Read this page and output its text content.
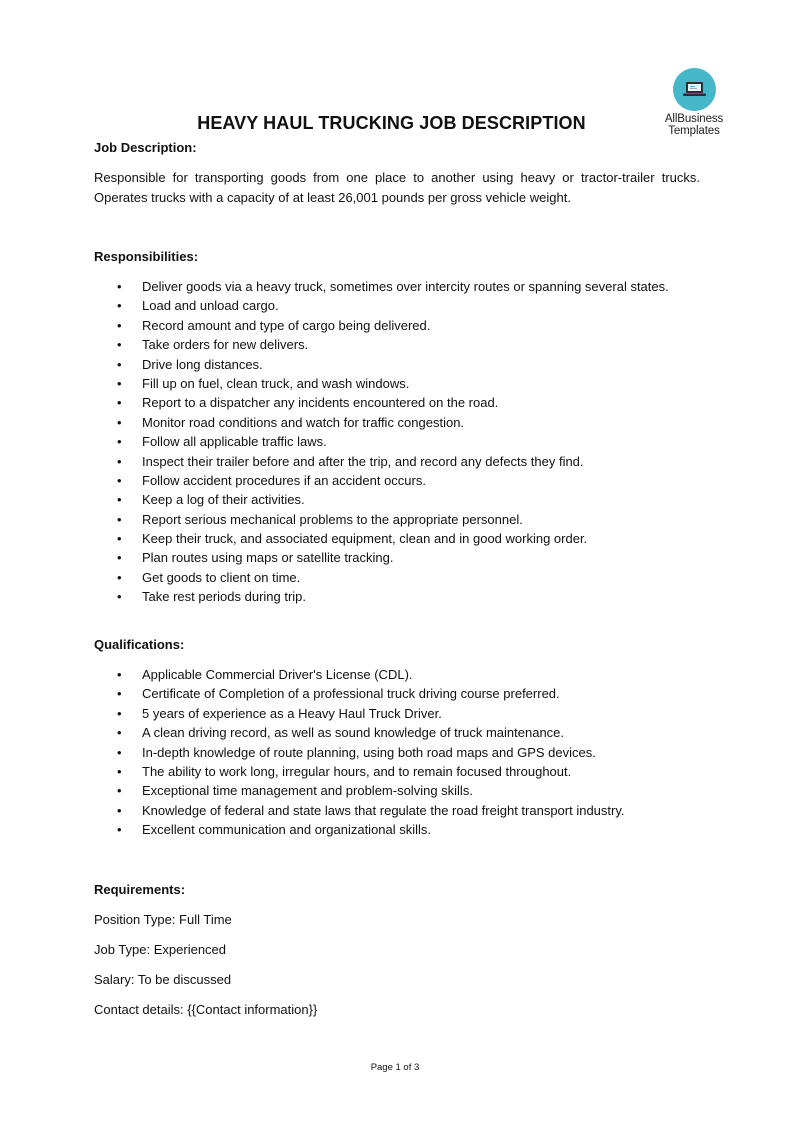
AllBusiness
Templates
HEAVY HAUL TRUCKING JOB DESCRIPTION
Job Description:
Responsible for transporting goods from one place to another using heavy or tractor-trailer trucks.
Operates trucks with a capacity of at least 26,001 pounds per gross vehicle weight.
Responsibilities:
• Deliver goods via a heavy truck, sometimes over intercity routes or spanning several states.
• Load and unload cargo.
• Record amount and type of cargo being delivered.
• Take orders for new delivers.
• Drive long distances.
• Fill up on fuel, clean truck, and wash windows.
• Report to a dispatcher any incidents encountered on the road.
• Monitor road conditions and watch for traffic congestion.
• Follow all applicable traffic laws.
• Inspect their trailer before and after the trip, and record any defects they find.
• Follow accident procedures if an accident occurs.
• Keep a log of their activities.
• Report serious mechanical problems to the appropriate personnel.
• Keep their truck, and associated equipment, clean and in good working order.
• Plan routes using maps or satellite tracking.
• Get goods to client on time.
• Take rest periods during trip.
Qualifications:
• Applicable Commercial Driver's License (CDL).
• Certificate of Completion of a professional truck driving course preferred.
• 5 years of experience as a Heavy Haul Truck Driver.
• A clean driving record, as well as sound knowledge of truck maintenance.
• In-depth knowledge of route planning, using both road maps and GPS devices.
• The ability to work long, irregular hours, and to remain focused throughout.
• Exceptional time management and problem-solving skills.
• Knowledge of federal and state laws that regulate the road freight transport industry.
• Excellent communication and organizational skills.
Requirements:
Position Type: Full Time
Job Type: Experienced
Salary: To be discussed
Contact details: {{Contact information}}
Page 1 of 3
